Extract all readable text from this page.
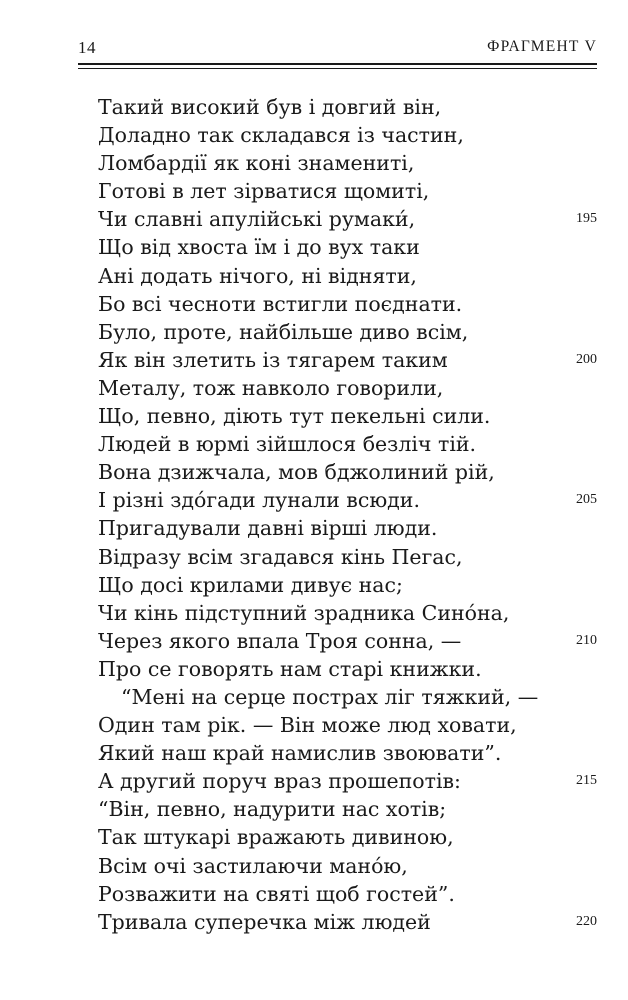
14	ФРАГМЕНТ V
Такий високий був і довгий він,
Доладно так складався із частин,
Ломбардії як коні знамениті,
Готові в лет зірватися щомиті,
Чи славні апулійські румаки́,	195
Що від хвоста їм і до вух таки
Ані додать нічого, ні відняти,
Бо всі чесноти встигли поєднати.
Було, проте, найбільше диво всім,
Як він злетить із тягарем таким	200
Металу, тож навколо говорили,
Що, певно, діють тут пекельні сили.
Людей в юрмі зійшлося безліч тій.
Вона дзижчала, мов бджолиний рій,
І різні здо́гади лунали всюди.	205
Пригадували давні вірші люди.
Відразу всім згадався кінь Пегас,
Що досі крилами дивує нас;
Чи кінь підступний зрадника Сино́на,
Через якого впала Троя сонна, —	210
Про се говорять нам старі книжки.
“Мені на серце пострах ліг тяжкий, —
Один там рік. — Він може люд ховати,
Який наш край намислив звоювати”.
А другий поруч враз прошепотів:	215
“Він, певно, надурити нас хотів;
Так штукарі вражають дивиною,
Всім очі застилаючи мано́ю,
Розважити на святі щоб гостей”.
Тривала суперечка між людей	220
